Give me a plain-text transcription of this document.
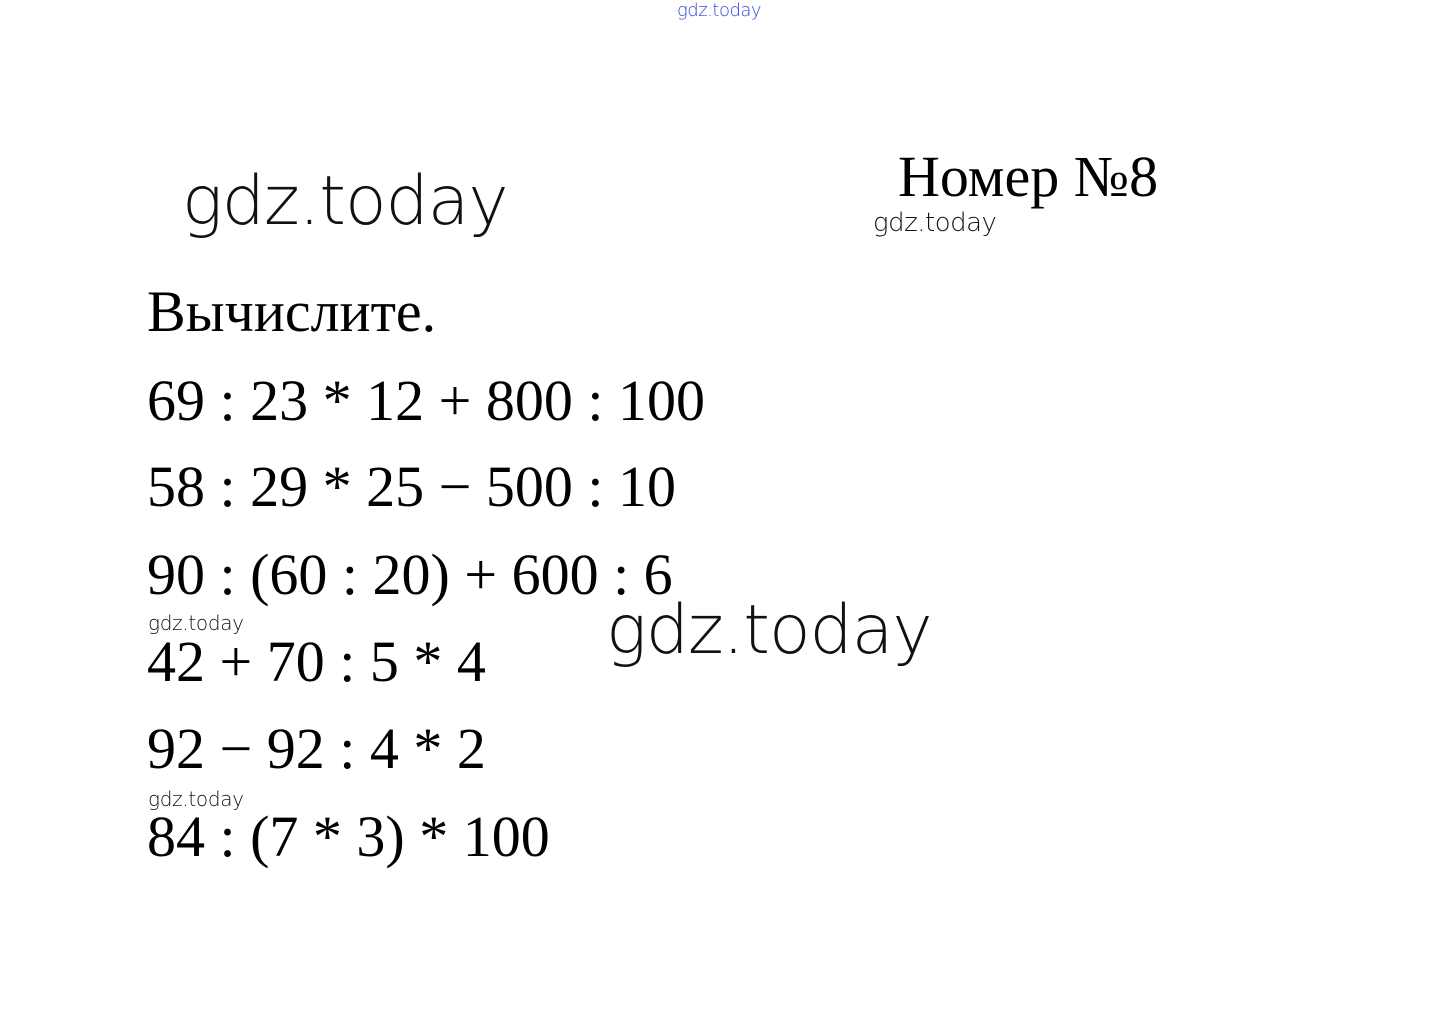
gdz.today
gdz.today	Номер №8
gdz.today
Вычислите.
69 : 23 * 12 + 800 : 100
58 : 29 * 25 − 500 : 10
90 : (60 : 20) + 600 : 6
gdz.today	gdz.today
42 + 70 : 5 * 4
92 − 92 : 4 * 2
gdz.today
84 : (7 * 3) * 100
